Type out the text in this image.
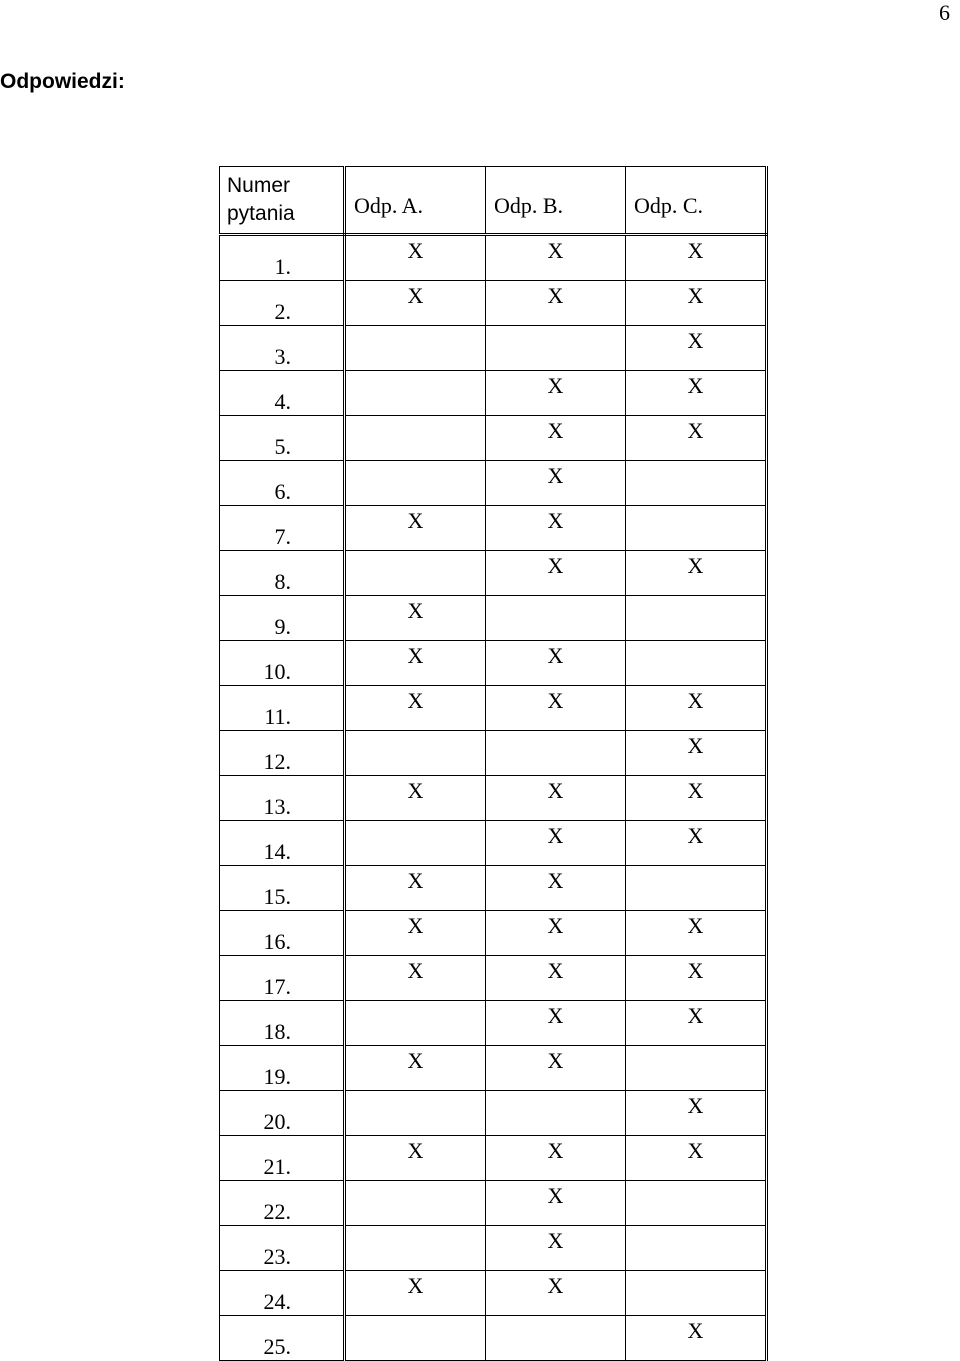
6
Odpowiedzi:
Numer
pytania	Odp. A.	Odp. B.	Odp. C.

1.	X	X	X
2.	X	X	X
3.			X
4.		X	X
5.		X	X
6.		X	
7.	X	X	
8.		X	X
9.	X		
10.	X	X	
11.	X	X	X
12.			X
13.	X	X	X
14.		X	X
15.	X	X	
16.	X	X	X
17.	X	X	X
18.		X	X
19.	X	X	
20.			X
21.	X	X	X
22.		X	
23.		X	
24.	X	X	
25.			X
